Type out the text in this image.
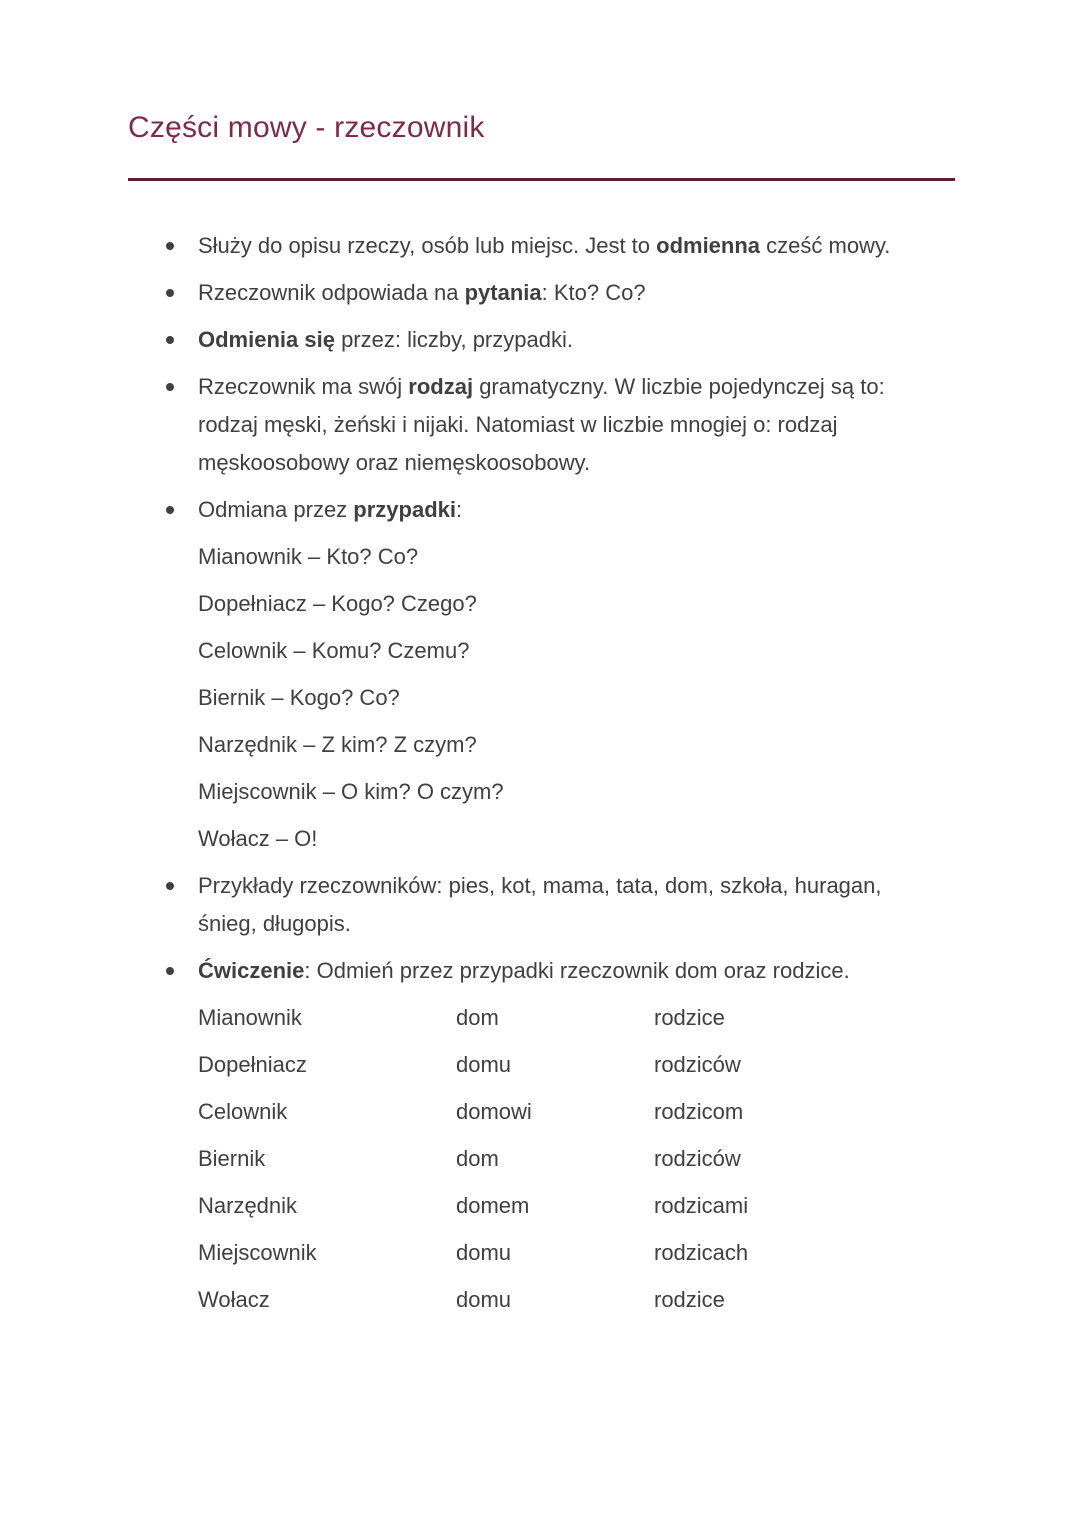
Części mowy - rzeczownik
Służy do opisu rzeczy, osób lub miejsc. Jest to odmienna cześć mowy.
Rzeczownik odpowiada na pytania: Kto? Co?
Odmienia się przez: liczby, przypadki.
Rzeczownik ma swój rodzaj gramatyczny. W liczbie pojedynczej są to: rodzaj męski, żeński i nijaki. Natomiast w liczbie mnogiej o: rodzaj męskoosobowy oraz niemęskoosobowy.
Odmiana przez przypadki:
Mianownik – Kto? Co?
Dopełniacz – Kogo? Czego?
Celownik – Komu? Czemu?
Biernik – Kogo? Co?
Narzędnik – Z kim? Z czym?
Miejscownik – O kim? O czym?
Wołacz – O!
Przykłady rzeczowników: pies, kot, mama, tata, dom, szkoła, huragan, śnieg, długopis.
Ćwiczenie: Odmień przez przypadki rzeczownik dom oraz rodzice.
Mianownik	dom	rodzice
Dopełniacz	domu	rodziców
Celownik	domowi	rodzicom
Biernik	dom	rodziców
Narzędnik	domem	rodzicami
Miejscownik	domu	rodzicach
Wołacz	domu	rodzice
